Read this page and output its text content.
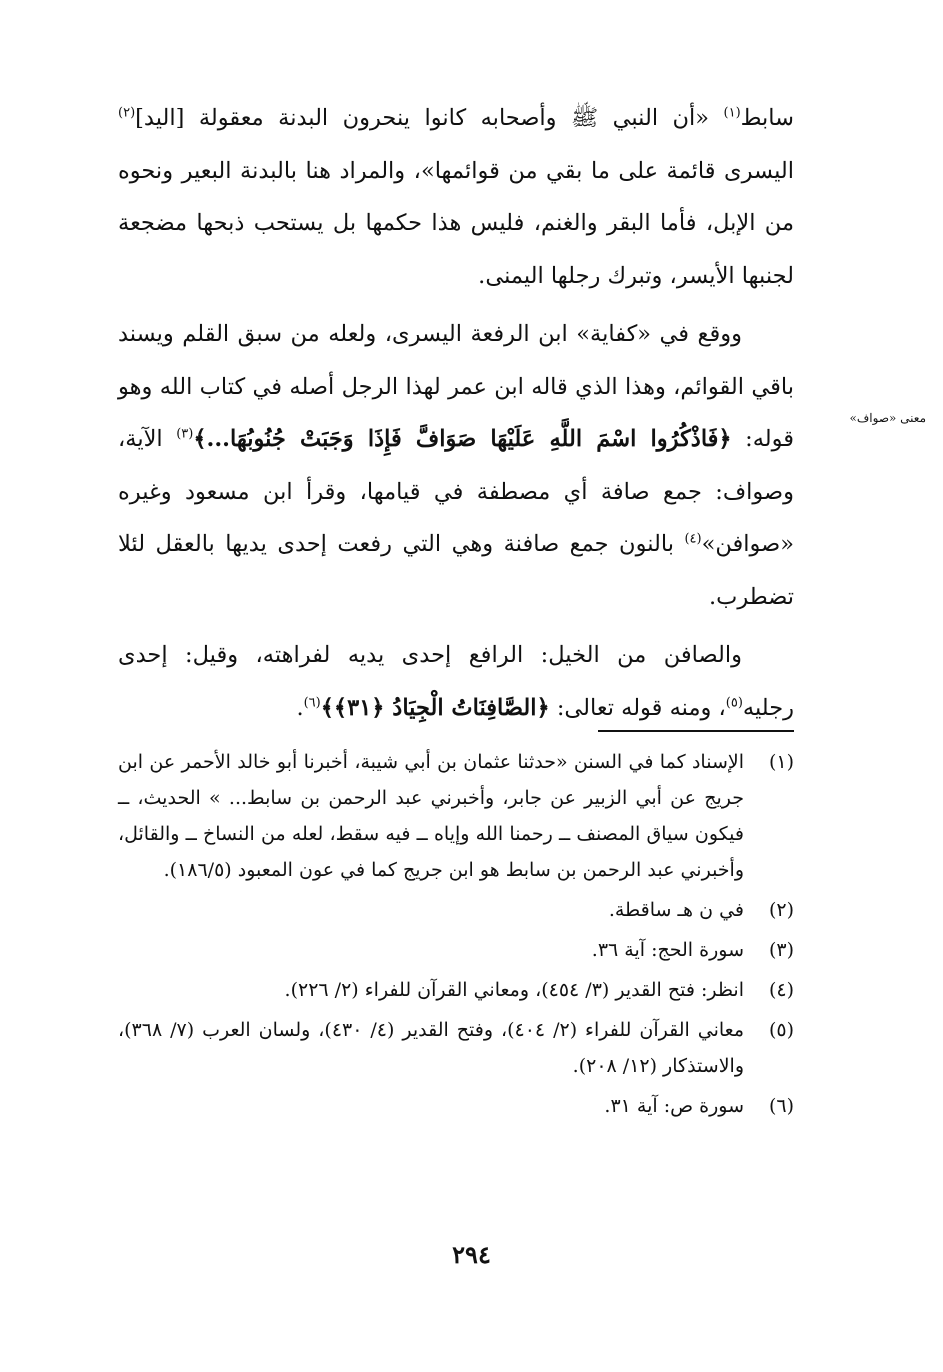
سابط$^{(١)}$ «أن النبي ﷺ وأصحابه كانوا ينحرون البدنة معقولة [اليد]$^{(٢)}$ اليسرى قائمة على ما بقي من قوائمها»، والمراد هنا بالبدنة البعير ونحوه من الإبل، فأما البقر والغنم، فليس هذا حكمها بل يستحب ذبحها مضجعة لجنبها الأيسر، وتبرك رجلها اليمنى.

ووقع في «كفاية» ابن الرفعة اليسرى، ولعله من سبق القلم ويسند باقي القوائم، وهذا الذي قاله ابن عمر لهذا الرجل أصله في كتاب الله وهو قوله: ﴿فَاذْكُرُوا اسْمَ اللَّهِ عَلَيْهَا صَوَافَّ فَإِذَا وَجَبَتْ جُنُوبُهَا...﴾$^{(٣)}$ الآية، وصواف: جمع صافة أي مصطفة في قيامها، وقرأ ابن مسعود وغيره «صوافن»$^{(٤)}$ بالنون جمع صافنة وهي التي رفعت إحدى يديها بالعقل لئلا تضطرب.

والصافن من الخيل: الرافع إحدى يديه لفراهته، وقيل: إحدى رجليه$^{(٥)}$، ومنه قوله تعالى: ﴿الصَّافِنَاتُ الْجِيَادُ ﴿٣١﴾﴾$^{(٦)}$.

معنى «صواف»
(١)
الإسناد كما في السنن «حدثنا عثمان بن أبي شيبة، أخبرنا أبو خالد الأحمر عن ابن جريج عن أبي الزبير عن جابر، وأخبرني عبد الرحمن بن سابط... » الحديث، ــ فيكون سياق المصنف ــ رحمنا الله وإياه ــ فيه سقط، لعله من النساخ ــ والقائل، وأخبرني عبد الرحمن بن سابط هو ابن جريج كما في عون المعبود (١٨٦/٥).
(٢)
في ن هـ ساقطة.
(٣)
سورة الحج: آية ٣٦.
(٤)
انظر: فتح القدير (٣/ ٤٥٤)، ومعاني القرآن للفراء (٢/ ٢٢٦).
(٥)
معاني القرآن للفراء (٢/ ٤٠٤)، وفتح القدير (٤/ ٤٣٠)، ولسان العرب (٧/ ٣٦٨)، والاستذكار (١٢/ ٢٠٨).
(٦)
سورة ص: آية ٣١.
٢٩٤
